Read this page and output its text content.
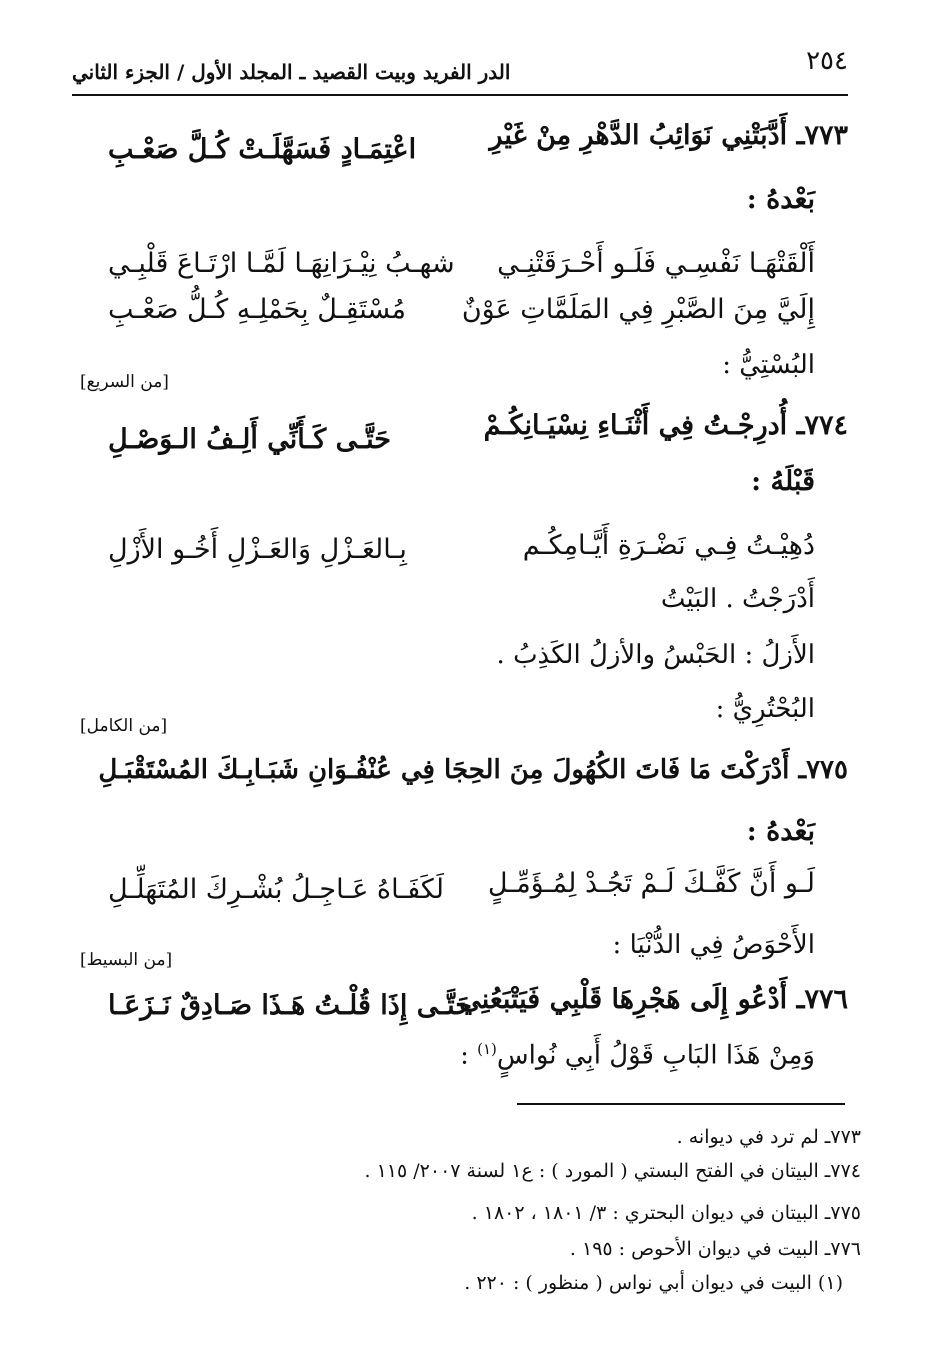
٢٥٤
الدر الفريد وبيت القصيد ـ المجلد الأول / الجزء الثاني
٧٧٣ـ أَدَّبَتْنِي نَوَائِبُ الدَّهْرِ مِنْ غَيْرِ
اعْتِمَـادٍ فَسَهَّلَـتْ كُـلَّ صَعْـبِ
بَعْدهُ :
أَلْقَتْهَـا نَفْسِـي فَلَـو أَحْـرَقَتْنِـي
شهـبُ نِيْـرَانِهَـا لَمَّـا ارْتَـاعَ قَلْبِـي
إِلَيَّ مِنَ الصَّبْرِ فِي المَلَمَّاتِ عَوْنٌ
مُسْتَقِـلٌ بِحَمْلِـهِ كُـلُّ صَعْـبِ
البُسْتِيُّ :
[من السريع]
٧٧٤ـ أُدرِجْـتُ فِي أَثْنَـاءِ نِسْيَـانِكُـمْ
حَتَّـى كَـأَنِّي أَلِـفُ الـوَصْـلِ
قَبْلَهُ :
دُهِيْـتُ فِـي نَضْـرَةِ أَيَّـامِكُـم
بِـالعَـزْلِ وَالعَـزْلِ أَخُـو الأَزْلِ
أَدْرَجْتُ . البَيْتُ
الأَزلُ : الحَبْسُ والأزلُ الكَذِبُ .
البُحْتُرِيُّ :
[من الكامل]
٧٧٥ـ أَدْرَكْتَ مَا فَاتَ الكُهُولَ مِنَ الحِجَا فِي عُنْفُـوَانِ شَبَـابِـكَ المُسْتَقْبَـلِ
بَعْدهُ :
لَـو أَنَّ كَفَّـكَ لَـمْ تَجُـدْ لِمُـؤَمِّـلٍ
لَكَفَـاهُ عَـاجِـلُ بُشْـرِكَ المُتَهَلِّـلِ
الأَحْوَصُ فِي الدُّنْيَا :
[من البسيط]
٧٧٦ـ أَدْعُو إِلَى هَجْرِهَا قَلْبِي فَيَتْبَعُنِي
حَتَّـى إِذَا قُلْـتُ هَـذَا صَـادِقٌ نَـزَعَـا
وَمِنْ هَذَا البَابِ قَوْلُ أَبِي نُواسٍ$^{(١)}$ :
٧٧٣ـ لم ترد في ديوانه .
٧٧٤ـ البيتان في الفتح البستي ( المورد ) : ع١ لسنة ٢٠٠٧/ ١١٥ .
٧٧٥ـ البيتان في ديوان البحتري : ٣/ ١٨٠١ ، ١٨٠٢ .
٧٧٦ـ البيت في ديوان الأحوص : ١٩٥ .
(١) البيت في ديوان أبي نواس ( منظور ) : ٢٢٠ .
